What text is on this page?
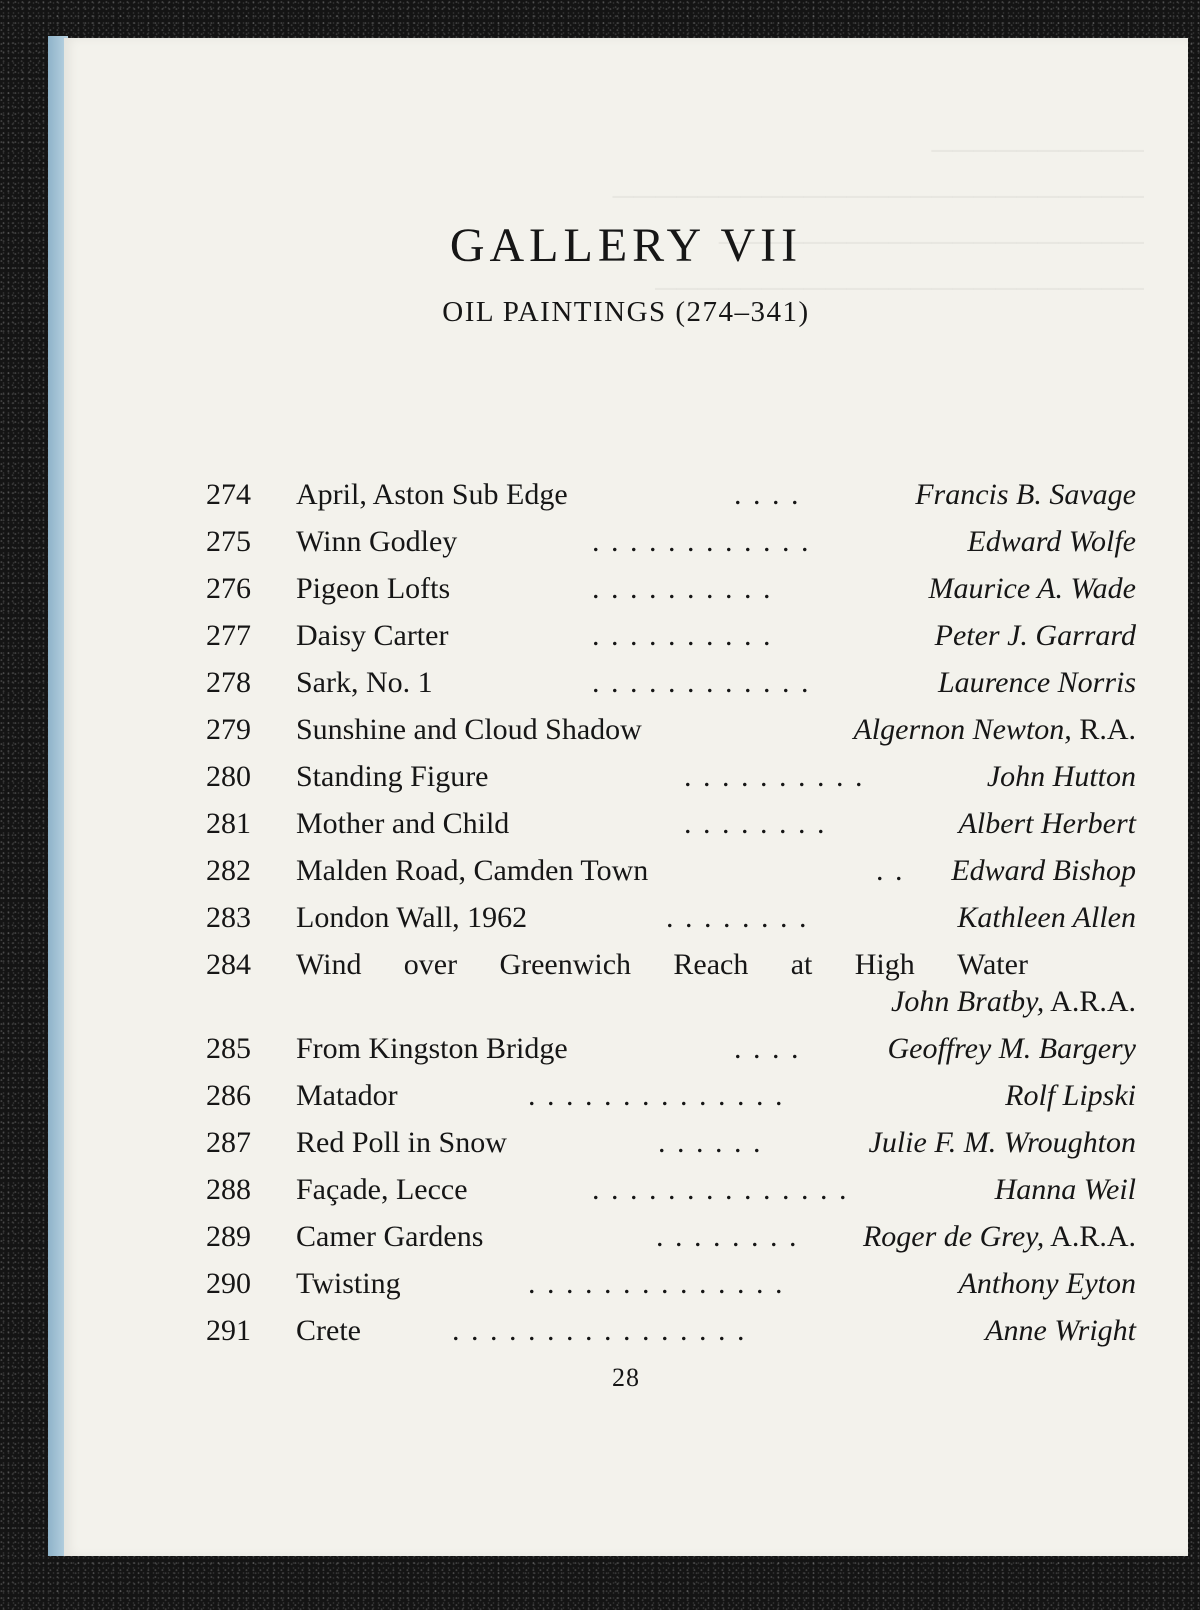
GALLERY VII
OIL PAINTINGS (274–341)
274	April, Aston Sub Edge	. . . .	Francis B. Savage
275	Winn Godley	. . . . . . . . . . . .	Edward Wolfe
276	Pigeon Lofts	. . . . . . . . . .	Maurice A. Wade
277	Daisy Carter	. . . . . . . . . .	Peter J. Garrard
278	Sark, No. 1	. . . . . . . . . . . .	Laurence Norris
279	Sunshine and Cloud Shadow	Algernon Newton, R.A.
280	Standing Figure	. . . . . . . . . .	John Hutton
281	Mother and Child	. . . . . . . .	Albert Herbert
282	Malden Road, Camden Town	. . Edward Bishop
283	London Wall, 1962	. . . . . . . .	Kathleen Allen
284	Wind over Greenwich Reach at High Water
John Bratby, A.R.A.
285	From Kingston Bridge	. . . .	Geoffrey M. Bargery
286	Matador	. . . . . . . . . . . . . .	Rolf Lipski
287	Red Poll in Snow	. . . . . .	Julie F. M. Wroughton
288	Façade, Lecce	. . . . . . . . . . . . . .	Hanna Weil
289	Camer Gardens	. . . . . . . . Roger de Grey, A.R.A.
290	Twisting	. . . . . . . . . . . . . .	Anthony Eyton
291	Crete	. . . . . . . . . . . . . . . .	Anne Wright
28
